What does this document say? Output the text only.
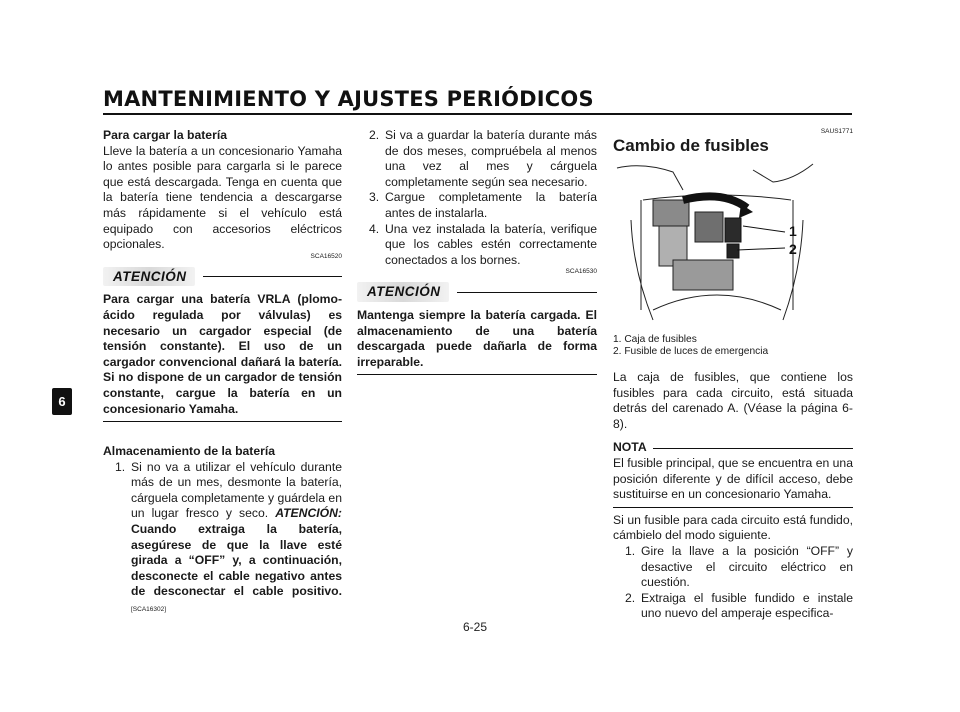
MANTENIMIENTO Y AJUSTES PERIÓDICOS
6

Para cargar la batería

Lleve la batería a un concesionario Yamaha lo antes posible para cargarla si le parece que está descargada. Tenga en cuenta que la batería tiene tendencia a descargarse más rápidamente si el vehículo está equipado con accesorios eléctricos opcionales.

SCA16520
ATENCIÓN

Para cargar una batería VRLA (plomo-ácido regulada por válvulas) es necesario un cargador especial (de tensión constante). El uso de un cargador convencional dañará la batería. Si no dispone de un cargador de tensión constante, cargue la batería en un concesionario Yamaha.

Almacenamiento de la batería

1. Si no va a utilizar el vehículo durante más de un mes, desmonte la batería, cárguela completamente y guárdela en un lugar fresco y seco. ATENCIÓN: Cuando extraiga la batería, asegúrese de que la llave esté girada a “OFF” y, a continuación, desconecte el cable negativo antes de desconectar el cable positivo. [SCA16302]
2. Si va a guardar la batería durante más de dos meses, compruébela al menos una vez al mes y cárguela completamente según sea necesario.
3. Cargue completamente la batería antes de instalarla.
4. Una vez instalada la batería, verifique que los cables estén correctamente conectados a los bornes.
SCA16530
ATENCIÓN

Mantenga siempre la batería cargada. El almacenamiento de una batería descargada puede dañarla de forma irreparable.

SAUS1771

Cambio de fusibles

1
2

1. Caja de fusibles

2. Fusible de luces de emergencia

La caja de fusibles, que contiene los fusibles para cada circuito, está situada detrás del carenado A. (Véase la página 6-8).

NOTA

El fusible principal, que se encuentra en una posición diferente y de difícil acceso, debe sustituirse en un concesionario Yamaha.

Si un fusible para cada circuito está fundido, cámbielo del modo siguiente.

1. Gire la llave a la posición “OFF” y desactive el circuito eléctrico en cuestión.
2. Extraiga el fusible fundido e instale uno nuevo del amperaje especifica-
6-25
